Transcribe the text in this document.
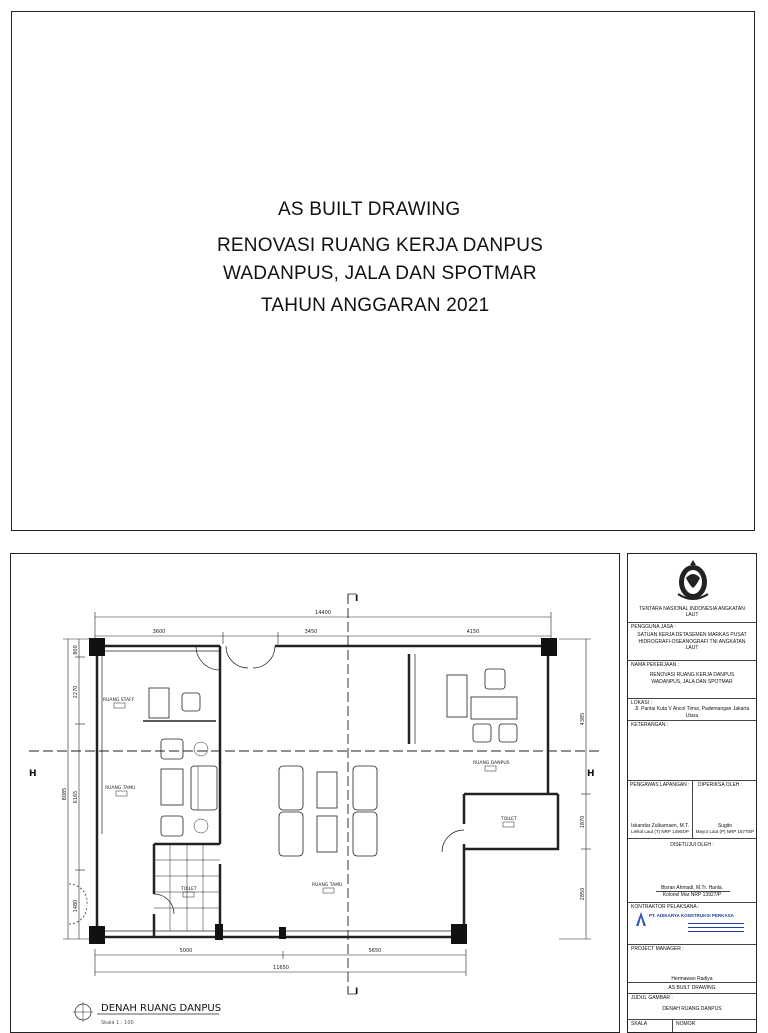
AS BUILT DRAWING
RENOVASI RUANG KERJA DANPUS
WADANPUS, JALA DAN SPOTMAR
TAHUN ANGGARAN 2021
14400
3600	3450	4150
5000	5650
11650
800
2270
6165
8085
1480
4385
1870
2850
H	H
I
I
RUANG STAFF
RUANG TAMU
RUANG DANPUS
TOILET
TOILET
RUANG TAMU
DENAH RUANG DANPUS
Skala 1 : 100
TENTARA NASIONAL INDONESIA ANGKATAN LAUT
PENGGUNA JASA :
SATUAN KERJA DETASEMEN MARKAS PUSAT HIDROGRAFI-OSEANOGRAFI TNI ANGKATAN LAUT
NAMA PEKERJAAN :
RENOVASI RUANG KERJA DANPUS WADANPUS, JALA DAN SPOTMAR
LOKASI :
Jl. Pantai Kuta V Ancol Timur, Pademangan Jakarta Utara
KETERANGAN :
PENGAWAS LAPANGAN : DIPERIKSA OLEH :
Iskandar Zulkarnaen, M.T.
Letkol Laut (T) NRP 14904/P
Sugito
Mayor Laut (P) NRP 15770/P
DISETUJUI OLEH :
Bisran Ahmadi, M.Tr. Hanla.
Kolonel Mar NRP 13927/P
KONTRAKTOR PELAKSANA :
PT. ADIKARYA KONSTRUKSI PERKASA
PROJECT MANAGER :
Hermawan Radiya
AS BUILT DRAWING
JUDUL GAMBAR :
DENAH RUANG DANPUS
SKALA	NOMOR
